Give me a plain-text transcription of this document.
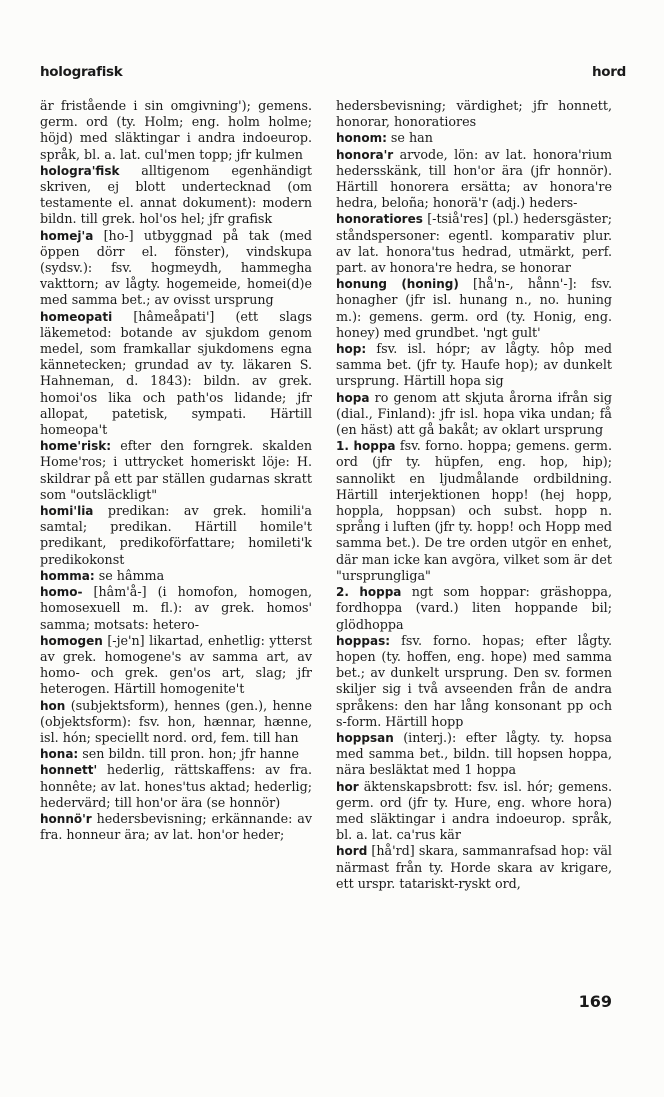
holografisk	hord
är fristående i sin omgivning'); gemens. germ. ord (ty. Holm; eng. holm holme; höjd) med släktingar i andra indoeurop. språk, bl. a. lat. cul'men topp; jfr kulmen
hologra'fisk alltigenom egenhändigt skriven, ej blott undertecknad (om testamente el. annat dokument): modern bildn. till grek. hol'os hel; jfr grafisk
homej'a [ho-] utbyggnad på tak (med öppen dörr el. fönster), vindskupa (sydsv.): fsv. hogmeydh, hammegha vakttorn; av lågty. hogemeide, homei(d)e med samma bet.; av ovisst ursprung
homeopati [hâmeåpati'] (ett slags läkemetod: botande av sjukdom genom medel, som framkallar sjukdomens egna kännetecken; grundad av ty. läkaren S. Hahneman, d. 1843): bildn. av grek. homoi'os lika och path'os lidande; jfr allopat, patetisk, sympati. Härtill homeopa't
home'risk: efter den forngrek. skalden Home'ros; i uttrycket homeriskt löje: H. skildrar på ett par ställen gudarnas skratt som "outsläckligt"
homi'lia predikan: av grek. homili'a samtal; predikan. Härtill homile't predikant, predikoförfattare; homileti'k predikokonst
homma: se hâmma
homo- [hâm'å-] (i homofon, homogen, homosexuell m. fl.): av grek. homos' samma; motsats: hetero-
homogen [-je'n] likartad, enhetlig: ytterst av grek. homogene's av samma art, av homo- och grek. gen'os art, slag; jfr heterogen. Härtill homogenite't
hon (subjektsform), hennes (gen.), henne (objektsform): fsv. hon, hænnar, hænne, isl. hón; speciellt nord. ord, fem. till han
hona: sen bildn. till pron. hon; jfr hanne
honnett' hederlig, rättskaffens: av fra. honnête; av lat. hones'tus aktad; hederlig; hedervärd; till hon'or ära (se honnör)
honnö'r hedersbevisning; erkännande: av fra. honneur ära; av lat. hon'or heder;
hedersbevisning; värdighet; jfr honnett, honorar, honoratiores
honom: se han
honora'r arvode, lön: av lat. honora'rium hedersskänk, till hon'or ära (jfr honnör). Härtill honorera ersätta; av honora're hedra, beloña; honorä'r (adj.) heders-
honoratiores [-tsiå'res] (pl.) hedersgäster; ståndspersoner: egentl. komparativ plur. av lat. honora'tus hedrad, utmärkt, perf. part. av honora're hedra, se honorar
honung (honing) [hå'n-, hånn'-]: fsv. honagher (jfr isl. hunang n., no. huning m.): gemens. germ. ord (ty. Honig, eng. honey) med grundbet. 'ngt gult'
hop: fsv. isl. hópr; av lågty. hôp med samma bet. (jfr ty. Haufe hop); av dunkelt ursprung. Härtill hopa sig
hopa ro genom att skjuta årorna ifrån sig (dial., Finland): jfr isl. hopa vika undan; få (en häst) att gå bakåt; av oklart ursprung
1. hoppa fsv. forno. hoppa; gemens. germ. ord (jfr ty. hüpfen, eng. hop, hip); sannolikt en ljudmålande ordbildning. Härtill interjektionen hopp! (hej hopp, hoppla, hoppsan) och subst. hopp n. språng i luften (jfr ty. hopp! och Hopp med samma bet.). De tre orden utgör en enhet, där man icke kan avgöra, vilket som är det "ursprungliga"
2. hoppa ngt som hoppar: gräshoppa, fordhoppa (vard.) liten hoppande bil; glödhoppa
hoppas: fsv. forno. hopas; efter lågty. hopen (ty. hoffen, eng. hope) med samma bet.; av dunkelt ursprung. Den sv. formen skiljer sig i två avseenden från de andra språkens: den har lång konsonant pp och s-form. Härtill hopp
hoppsan (interj.): efter lågty. ty. hopsa med samma bet., bildn. till hopsen hoppa, nära besläktat med 1 hoppa
hor äktenskapsbrott: fsv. isl. hór; gemens. germ. ord (jfr ty. Hure, eng. whore hora) med släktingar i andra indoeurop. språk, bl. a. lat. ca'rus kär
hord [hå'rd] skara, sammanrafsad hop: väl närmast från ty. Horde skara av krigare, ett urspr. tatariskt-ryskt ord,
169
